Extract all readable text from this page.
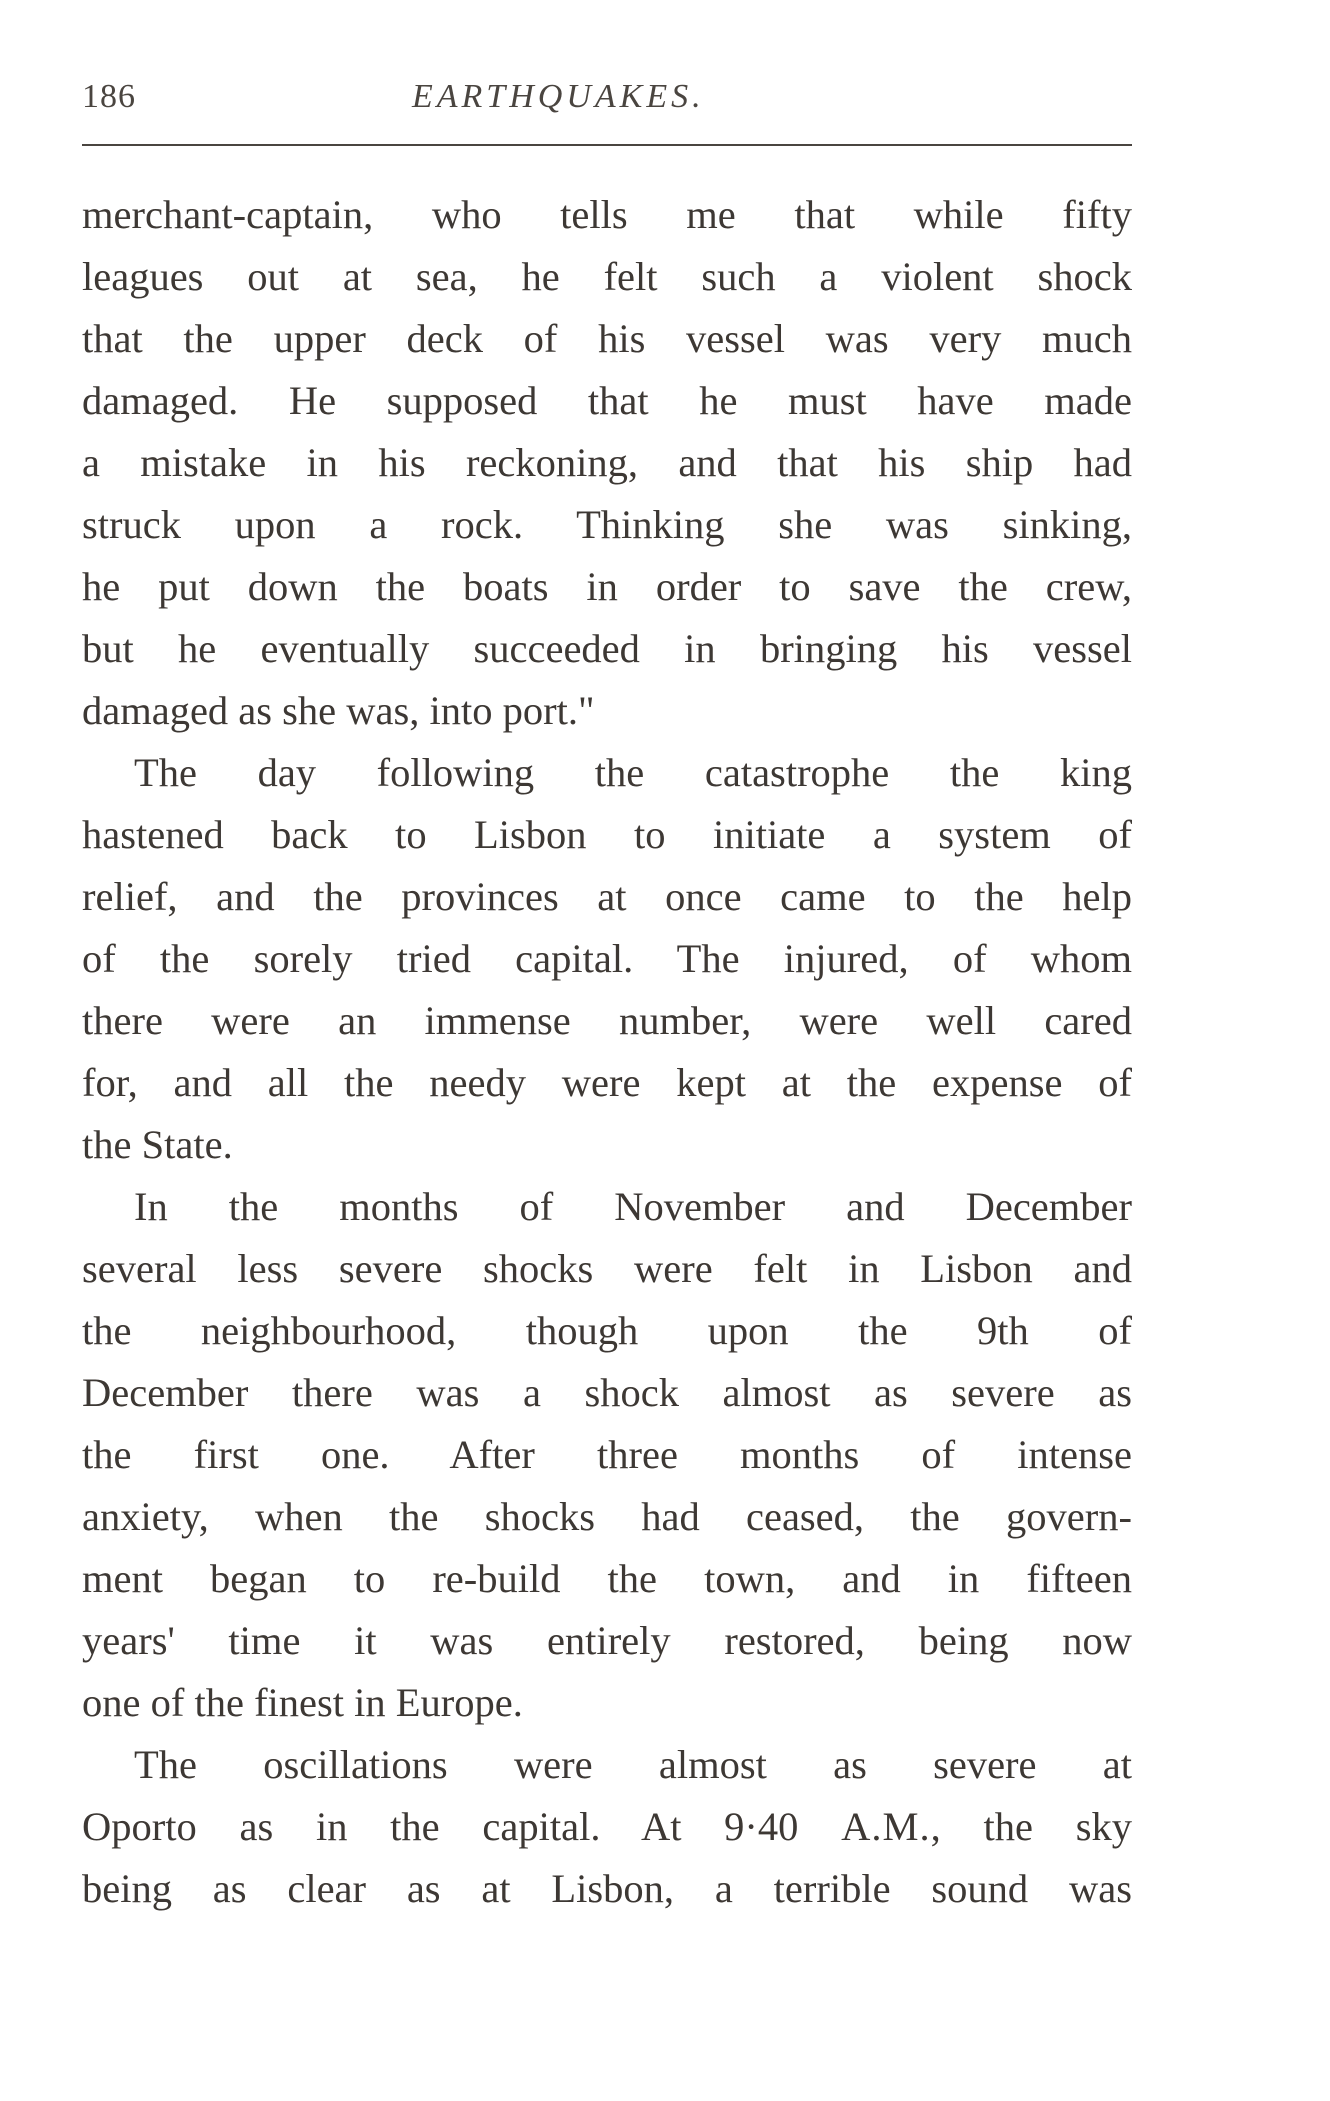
186	EARTHQUAKES.
merchant-captain, who tells me that while fifty
leagues out at sea, he felt such a violent shock
that the upper deck of his vessel was very much
damaged. He supposed that he must have made
a mistake in his reckoning, and that his ship had
struck upon a rock. Thinking she was sinking,
he put down the boats in order to save the crew,
but he eventually succeeded in bringing his vessel
damaged as she was, into port."
The day following the catastrophe the king
hastened back to Lisbon to initiate a system of
relief, and the provinces at once came to the help
of the sorely tried capital. The injured, of whom
there were an immense number, were well cared
for, and all the needy were kept at the expense of
the State.
In the months of November and December
several less severe shocks were felt in Lisbon and
the neighbourhood, though upon the 9th of
December there was a shock almost as severe as
the first one. After three months of intense
anxiety, when the shocks had ceased, the govern-
ment began to re-build the town, and in fifteen
years' time it was entirely restored, being now
one of the finest in Europe.
The oscillations were almost as severe at
Oporto as in the capital. At 9·40 A.M., the sky
being as clear as at Lisbon, a terrible sound was
